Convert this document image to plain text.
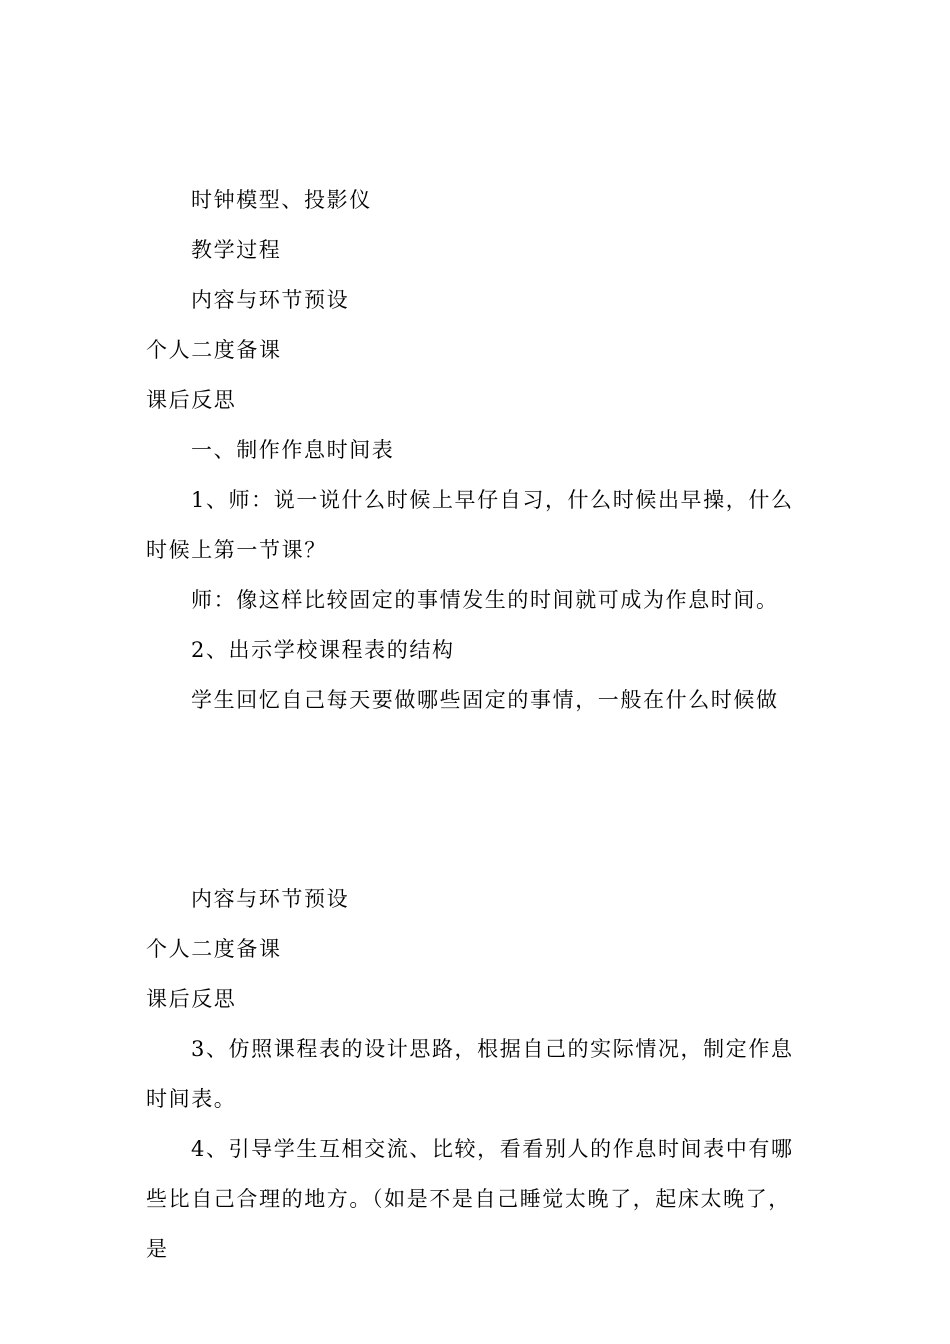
时钟模型、投影仪
教学过程
内容与环节预设
个人二度备课
课后反思
一、制作作息时间表
1、师：说一说什么时候上早仔自习，什么时候出早操，什么时候上第一节课？
师：像这样比较固定的事情发生的时间就可成为作息时间。
2、出示学校课程表的结构
学生回忆自己每天要做哪些固定的事情，一般在什么时候做
内容与环节预设
个人二度备课
课后反思
3、仿照课程表的设计思路，根据自己的实际情况，制定作息时间表。
4、引导学生互相交流、比较，看看别人的作息时间表中有哪些比自己合理的地方。（如是不是自己睡觉太晚了，起床太晚了，是
